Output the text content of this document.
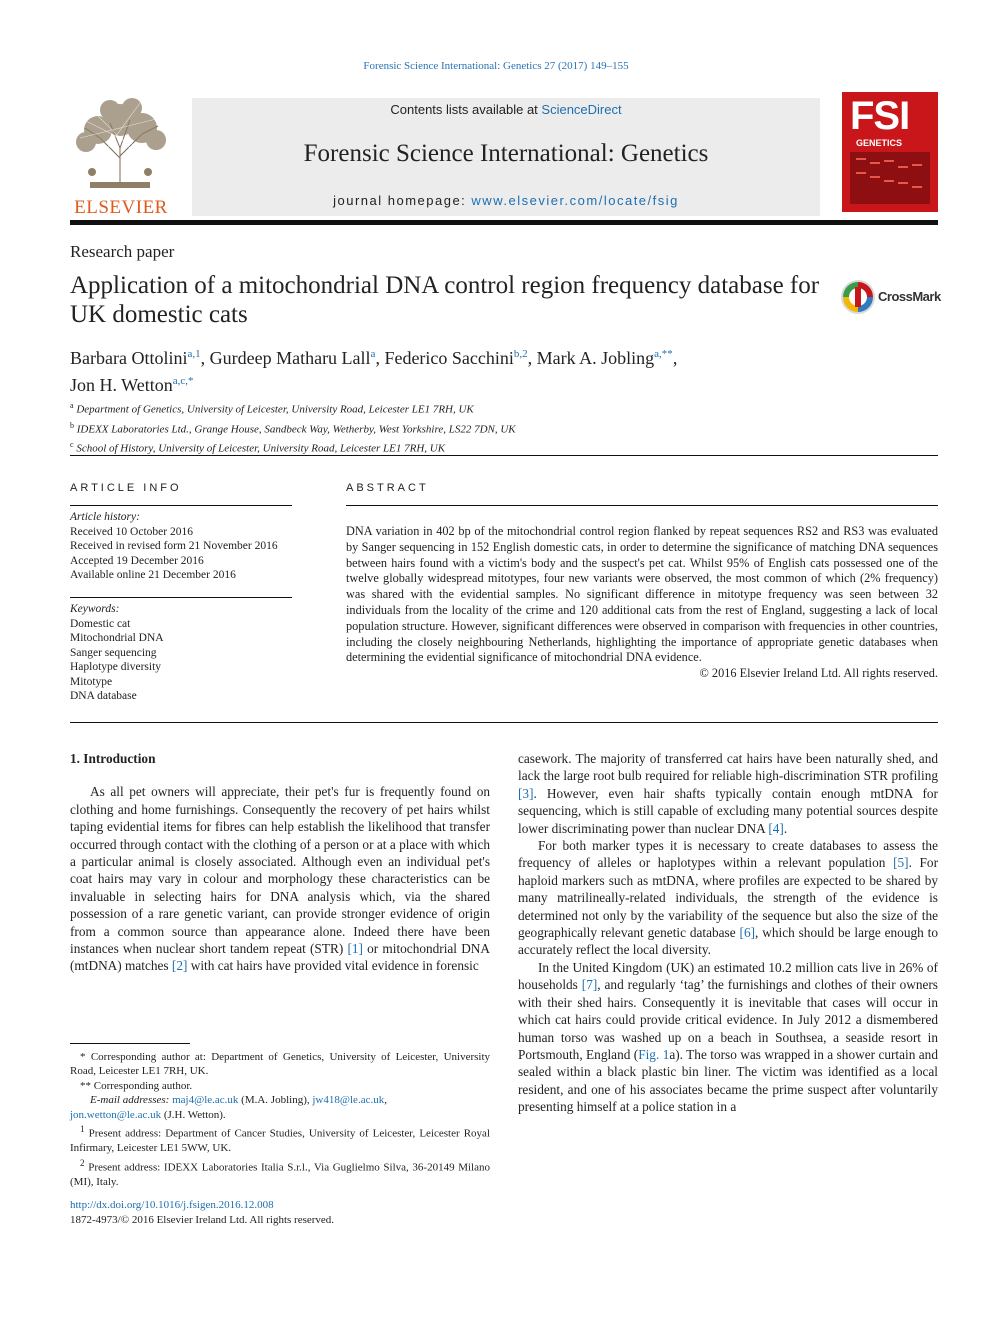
Forensic Science International: Genetics 27 (2017) 149–155
ELSEVIER
Contents lists available at ScienceDirect
Forensic Science International: Genetics
journal homepage: www.elsevier.com/locate/fsig
FSI
GENETICS
Research paper
Application of a mitochondrial DNA control region frequency database for UK domestic cats
CrossMark
Barbara Ottolini$^{a,1}$, Gurdeep Matharu Lall$^a$, Federico Sacchini$^{b,2}$, Mark A. Jobling$^{a,**}$,
Jon H. Wetton$^{a,c,*}$
$^a$ Department of Genetics, University of Leicester, University Road, Leicester LE1 7RH, UK
$^b$ IDEXX Laboratories Ltd., Grange House, Sandbeck Way, Wetherby, West Yorkshire, LS22 7DN, UK
$^c$ School of History, University of Leicester, University Road, Leicester LE1 7RH, UK
ARTICLE INFO
Article history:
Received 10 October 2016
Received in revised form 21 November 2016
Accepted 19 December 2016
Available online 21 December 2016
Keywords:
Domestic cat
Mitochondrial DNA
Sanger sequencing
Haplotype diversity
Mitotype
DNA database
ABSTRACT
DNA variation in 402 bp of the mitochondrial control region flanked by repeat sequences RS2 and RS3 was evaluated by Sanger sequencing in 152 English domestic cats, in order to determine the significance of matching DNA sequences between hairs found with a victim's body and the suspect's pet cat. Whilst 95% of English cats possessed one of the twelve globally widespread mitotypes, four new variants were observed, the most common of which (2% frequency) was shared with the evidential samples. No significant difference in mitotype frequency was seen between 32 individuals from the locality of the crime and 120 additional cats from the rest of England, suggesting a lack of local population structure. However, significant differences were observed in comparison with frequencies in other countries, including the closely neighbouring Netherlands, highlighting the importance of appropriate genetic databases when determining the evidential significance of mitochondrial DNA evidence.
© 2016 Elsevier Ireland Ltd. All rights reserved.
1. Introduction

As all pet owners will appreciate, their pet's fur is frequently found on clothing and home furnishings. Consequently the recovery of pet hairs whilst taping evidential items for fibres can help establish the likelihood that transfer occurred through contact with the clothing of a person or at a place with which a particular animal is closely associated. Although even an individual pet's coat hairs may vary in colour and morphology these characteristics can be invaluable in selecting hairs for DNA analysis which, via the shared possession of a rare genetic variant, can provide stronger evidence of origin from a common source than appearance alone. Indeed there have been instances when nuclear short tandem repeat (STR) [1] or mitochondrial DNA (mtDNA) matches [2] with cat hairs have provided vital evidence in forensic

* Corresponding author at: Department of Genetics, University of Leicester, University Road, Leicester LE1 7RH, UK.

** Corresponding author.

E-mail addresses: maj4@le.ac.uk (M.A. Jobling), jw418@le.ac.uk,

jon.wetton@le.ac.uk (J.H. Wetton).

$^1$ Present address: Department of Cancer Studies, University of Leicester, Leicester Royal Infirmary, Leicester LE1 5WW, UK.

$^2$ Present address: IDEXX Laboratories Italia S.r.l., Via Guglielmo Silva, 36-20149 Milano (MI), Italy.

http://dx.doi.org/10.1016/j.fsigen.2016.12.008
1872-4973/© 2016 Elsevier Ireland Ltd. All rights reserved.

casework. The majority of transferred cat hairs have been naturally shed, and lack the large root bulb required for reliable high-discrimination STR profiling [3]. However, even hair shafts typically contain enough mtDNA for sequencing, which is still capable of excluding many potential sources despite lower discriminating power than nuclear DNA [4].

For both marker types it is necessary to create databases to assess the frequency of alleles or haplotypes within a relevant population [5]. For haploid markers such as mtDNA, where profiles are expected to be shared by many matrilineally-related individuals, the strength of the evidence is determined not only by the variability of the sequence but also the size of the geographically relevant genetic database [6], which should be large enough to accurately reflect the local diversity.

In the United Kingdom (UK) an estimated 10.2 million cats live in 26% of households [7], and regularly ‘tag’ the furnishings and clothes of their owners with their shed hairs. Consequently it is inevitable that cases will occur in which cat hairs could provide critical evidence. In July 2012 a dismembered human torso was washed up on a beach in Southsea, a seaside resort in Portsmouth, England (Fig. 1a). The torso was wrapped in a shower curtain and sealed within a black plastic bin liner. The victim was identified as a local resident, and one of his associates became the prime suspect after voluntarily presenting himself at a police station in a
